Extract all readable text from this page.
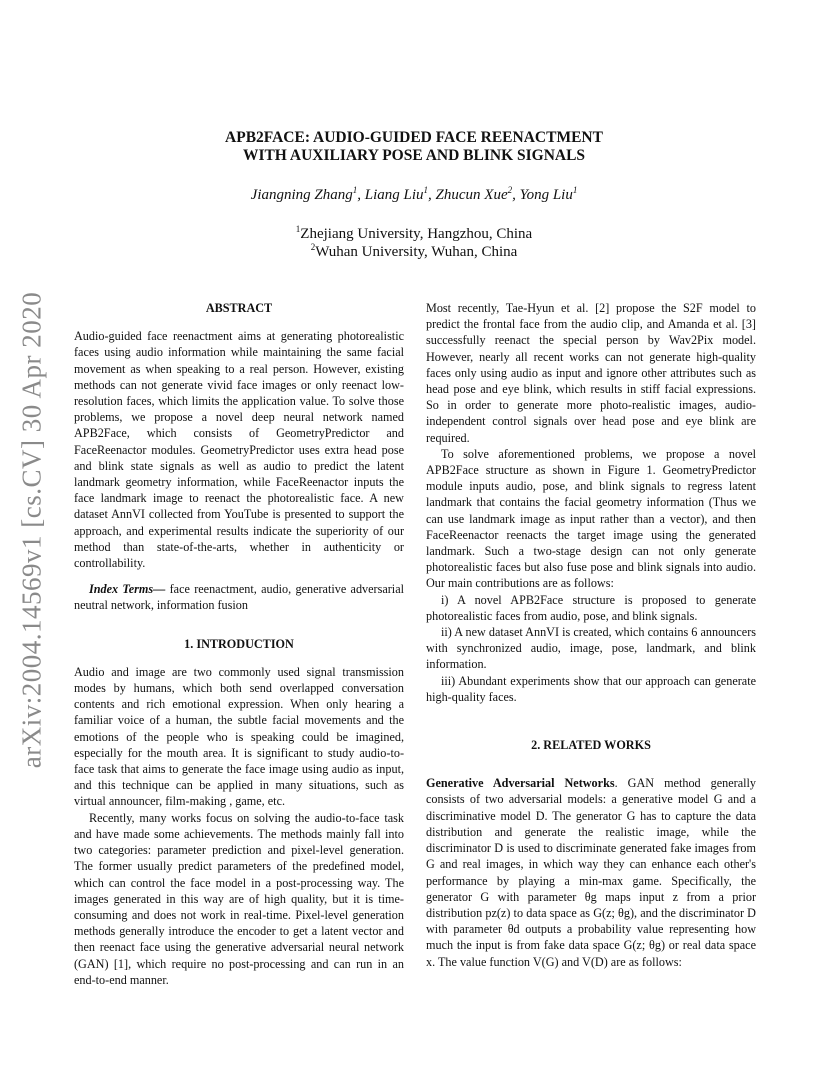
arXiv:2004.14569v1 [cs.CV] 30 Apr 2020
APB2FACE: AUDIO-GUIDED FACE REENACTMENT
WITH AUXILIARY POSE AND BLINK SIGNALS
Jiangning Zhang$^1$, Liang Liu$^1$, Zhucun Xue$^2$, Yong Liu$^1$
$^1$Zhejiang University, Hangzhou, China
$^2$Wuhan University, Wuhan, China
ABSTRACT

Audio-guided face reenactment aims at generating photorealistic faces using audio information while maintaining the same facial movement as when speaking to a real person. However, existing methods can not generate vivid face images or only reenact low-resolution faces, which limits the application value. To solve those problems, we propose a novel deep neural network named APB2Face, which consists of GeometryPredictor and FaceReenactor modules. GeometryPredictor uses extra head pose and blink state signals as well as audio to predict the latent landmark geometry information, while FaceReenactor inputs the face landmark image to reenact the photorealistic face. A new dataset AnnVI collected from YouTube is presented to support the approach, and experimental results indicate the superiority of our method than state-of-the-arts, whether in authenticity or controllability.

Index Terms— face reenactment, audio, generative adversarial neutral network, information fusion

1. INTRODUCTION

Audio and image are two commonly used signal transmission modes by humans, which both send overlapped conversation contents and rich emotional expression. When only hearing a familiar voice of a human, the subtle facial movements and the emotions of the people who is speaking could be imagined, especially for the mouth area. It is significant to study audio-to-face task that aims to generate the face image using audio as input, and this technique can be applied in many situations, such as virtual announcer, film-making , game, etc.

Recently, many works focus on solving the audio-to-face task and have made some achievements. The methods mainly fall into two categories: parameter prediction and pixel-level generation. The former usually predict parameters of the predefined model, which can control the face model in a post-processing way. The images generated in this way are of high quality, but it is time-consuming and does not work in real-time. Pixel-level generation methods generally introduce the encoder to get a latent vector and then reenact face using the generative adversarial neural network (GAN) [1], which require no post-processing and can run in an end-to-end manner.

Most recently, Tae-Hyun et al. [2] propose the S2F model to predict the frontal face from the audio clip, and Amanda et al. [3] successfully reenact the special person by Wav2Pix model. However, nearly all recent works can not generate high-quality faces only using audio as input and ignore other attributes such as head pose and eye blink, which results in stiff facial expressions. So in order to generate more photo-realistic images, audio-independent control signals over head pose and eye blink are required.

To solve aforementioned problems, we propose a novel APB2Face structure as shown in Figure 1. GeometryPredictor module inputs audio, pose, and blink signals to regress latent landmark that contains the facial geometry information (Thus we can use landmark image as input rather than a vector), and then FaceReenactor reenacts the target image using the generated landmark. Such a two-stage design can not only generate photorealistic faces but also fuse pose and blink signals into audio. Our main contributions are as follows:

i) A novel APB2Face structure is proposed to generate photorealistic faces from audio, pose, and blink signals.

ii) A new dataset AnnVI is created, which contains 6 announcers with synchronized audio, image, pose, landmark, and blink information.

iii) Abundant experiments show that our approach can generate high-quality faces.

2. RELATED WORKS

Generative Adversarial Networks. GAN method generally consists of two adversarial models: a generative model G and a discriminative model D. The generator G has to capture the data distribution and generate the realistic image, while the discriminator D is used to discriminate generated fake images from G and real images, in which way they can enhance each other's performance by playing a min-max game. Specifically, the generator G with parameter θg maps input z from a prior distribution pz(z) to data space as G(z; θg), and the discriminator D with parameter θd outputs a probability value representing how much the input is from fake data space G(z; θg) or real data space x. The value function V(G) and V(D) are as follows:
